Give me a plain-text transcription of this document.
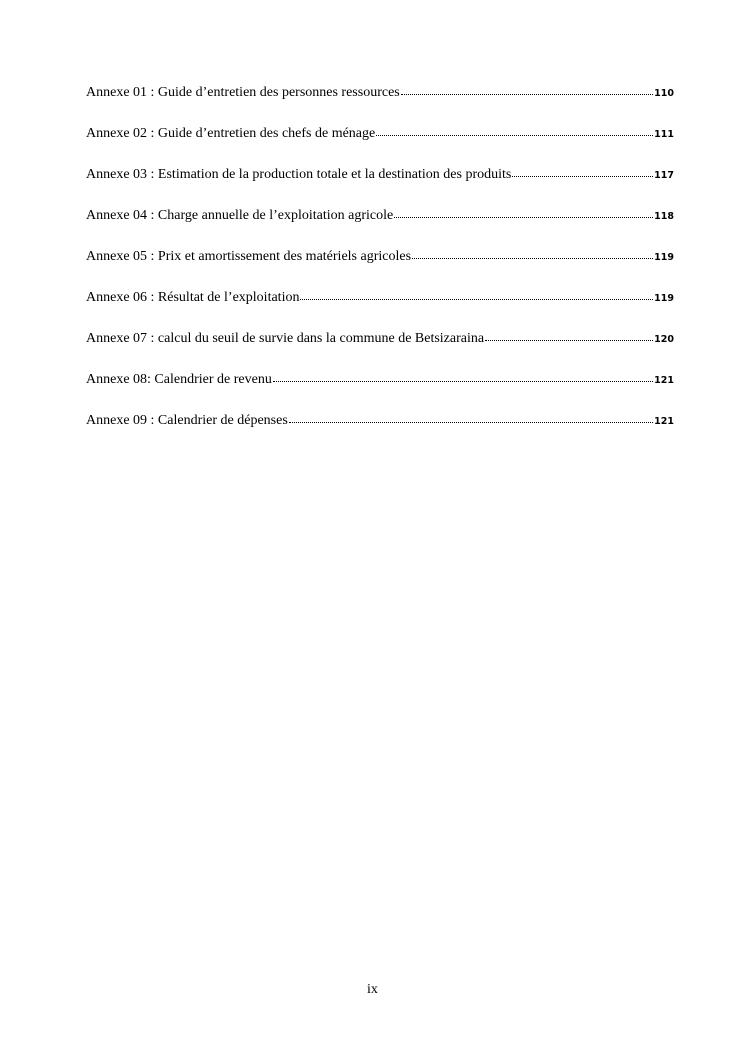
Annexe 01 : Guide d’entretien des personnes ressources	110
Annexe 02 : Guide d’entretien des chefs de ménage	111
Annexe 03 : Estimation de la production totale et la destination des produits	117
Annexe 04 : Charge annuelle de l’exploitation agricole	118
Annexe 05 : Prix et amortissement des matériels agricoles	119
Annexe 06 : Résultat de l’exploitation	119
Annexe 07 : calcul du seuil de survie dans la commune de Betsizaraina	120
Annexe 08: Calendrier de revenu	121
Annexe 09 : Calendrier de dépenses	121
ix
